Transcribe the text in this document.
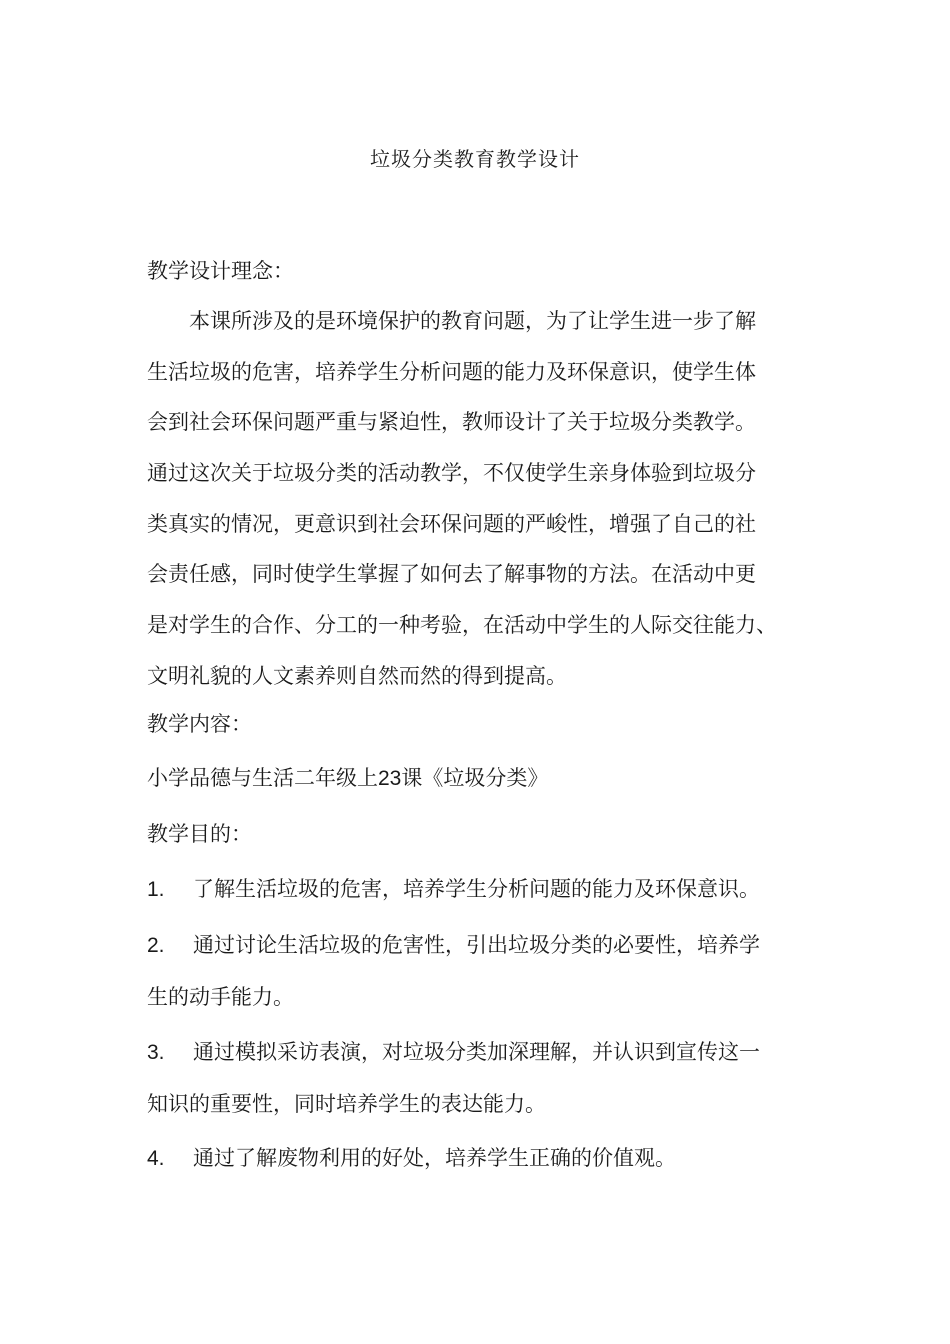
垃圾分类教育教学设计
教学设计理念：
本课所涉及的是环境保护的教育问题，为了让学生进一步了解
生活垃圾的危害，培养学生分析问题的能力及环保意识，使学生体
会到社会环保问题严重与紧迫性，教师设计了关于垃圾分类教学。
通过这次关于垃圾分类的活动教学，不仅使学生亲身体验到垃圾分
类真实的情况，更意识到社会环保问题的严峻性，增强了自己的社
会责任感，同时使学生掌握了如何去了解事物的方法。在活动中更
是对学生的合作、分工的一种考验，在活动中学生的人际交往能力、
文明礼貌的人文素养则自然而然的得到提高。
教学内容：
小学品德与生活二年级上23课《垃圾分类》
教学目的：
1. 了解生活垃圾的危害，培养学生分析问题的能力及环保意识。
2. 通过讨论生活垃圾的危害性，引出垃圾分类的必要性，培养学
生的动手能力。
3. 通过模拟采访表演，对垃圾分类加深理解，并认识到宣传这一
知识的重要性，同时培养学生的表达能力。
4. 通过了解废物利用的好处，培养学生正确的价值观。
